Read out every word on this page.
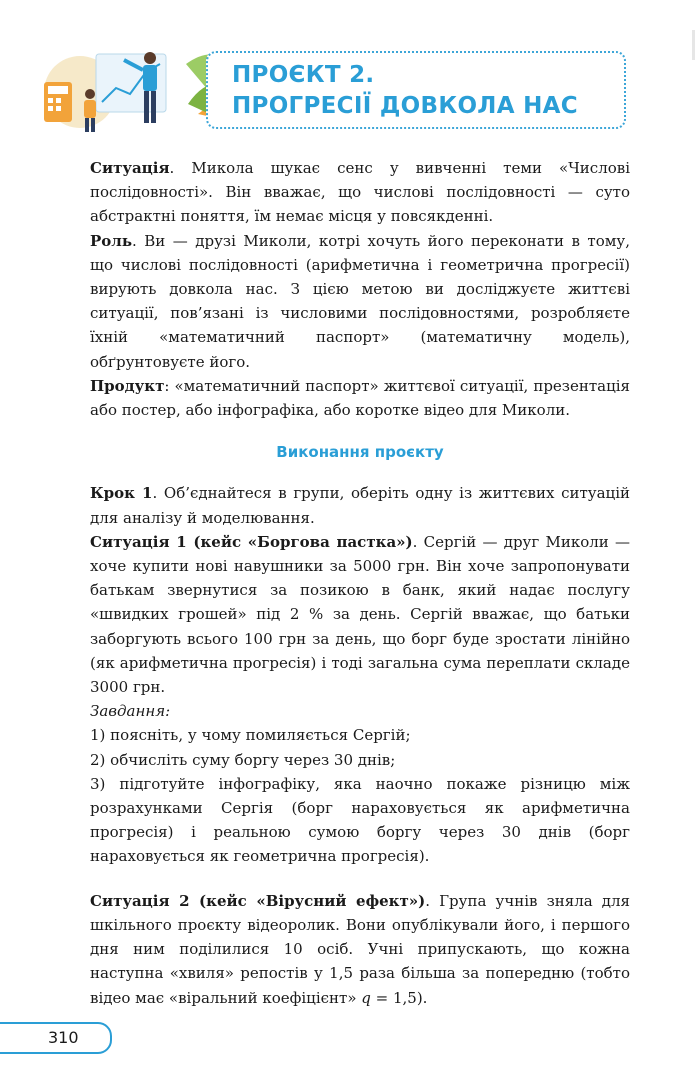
ПРОЄКТ 2.
ПРОГРЕСІЇ ДОВКОЛА НАС

Ситуація. Микола шукає сенс у вивченні теми «Числові послідовності». Він вважає, що числові послідовності — суто абстрактні поняття, їм немає місця у повсякденні.

Роль. Ви — друзі Миколи, котрі хочуть його переконати в тому, що числові послідовності (арифметична і геометрична прогресії) вирують довкола нас. З цією метою ви досліджуєте життєві ситуації, пов’язані із числовими послідовностями, розробляєте їхній «математичний паспорт» (математичну модель), обґрунтовуєте його.

Продукт: «математичний паспорт» життєвої ситуації, презентація або постер, або інфографіка, або коротке відео для Миколи.

Виконання проєкту

Крок 1. Об’єднайтеся в групи, оберіть одну із життєвих ситуацій для аналізу й моделювання.

Ситуація 1 (кейс «Боргова пастка»). Сергій — друг Миколи — хоче купити нові навушники за 5000 грн. Він хоче запропонувати батькам звернутися за позикою в банк, який надає послугу «швидких грошей» під 2 % за день. Сергій вважає, що батьки заборгують всього 100 грн за день, що борг буде зростати лінійно (як арифметична прогресія) і тоді загальна сума переплати складе 3000 грн.

Завдання:

1) поясніть, у чому помиляється Сергій;

2) обчисліть суму боргу через 30 днів;

3) підготуйте інфографіку, яка наочно покаже різницю між розрахунками Сергія (борг нараховується як арифметична прогресія) і реальною сумою боргу через 30 днів (борг нараховується як геометрична прогресія).

Ситуація 2 (кейс «Вірусний ефект»). Група учнів зняла для шкільного проєкту відеоролик. Вони опублікували його, і першого дня ним поділилися 10 осіб. Учні припускають, що кожна наступна «хвиля» репостів у 1,5 раза більша за попередню (тобто відео має «віральний коефіцієнт» q = 1,5).

310
